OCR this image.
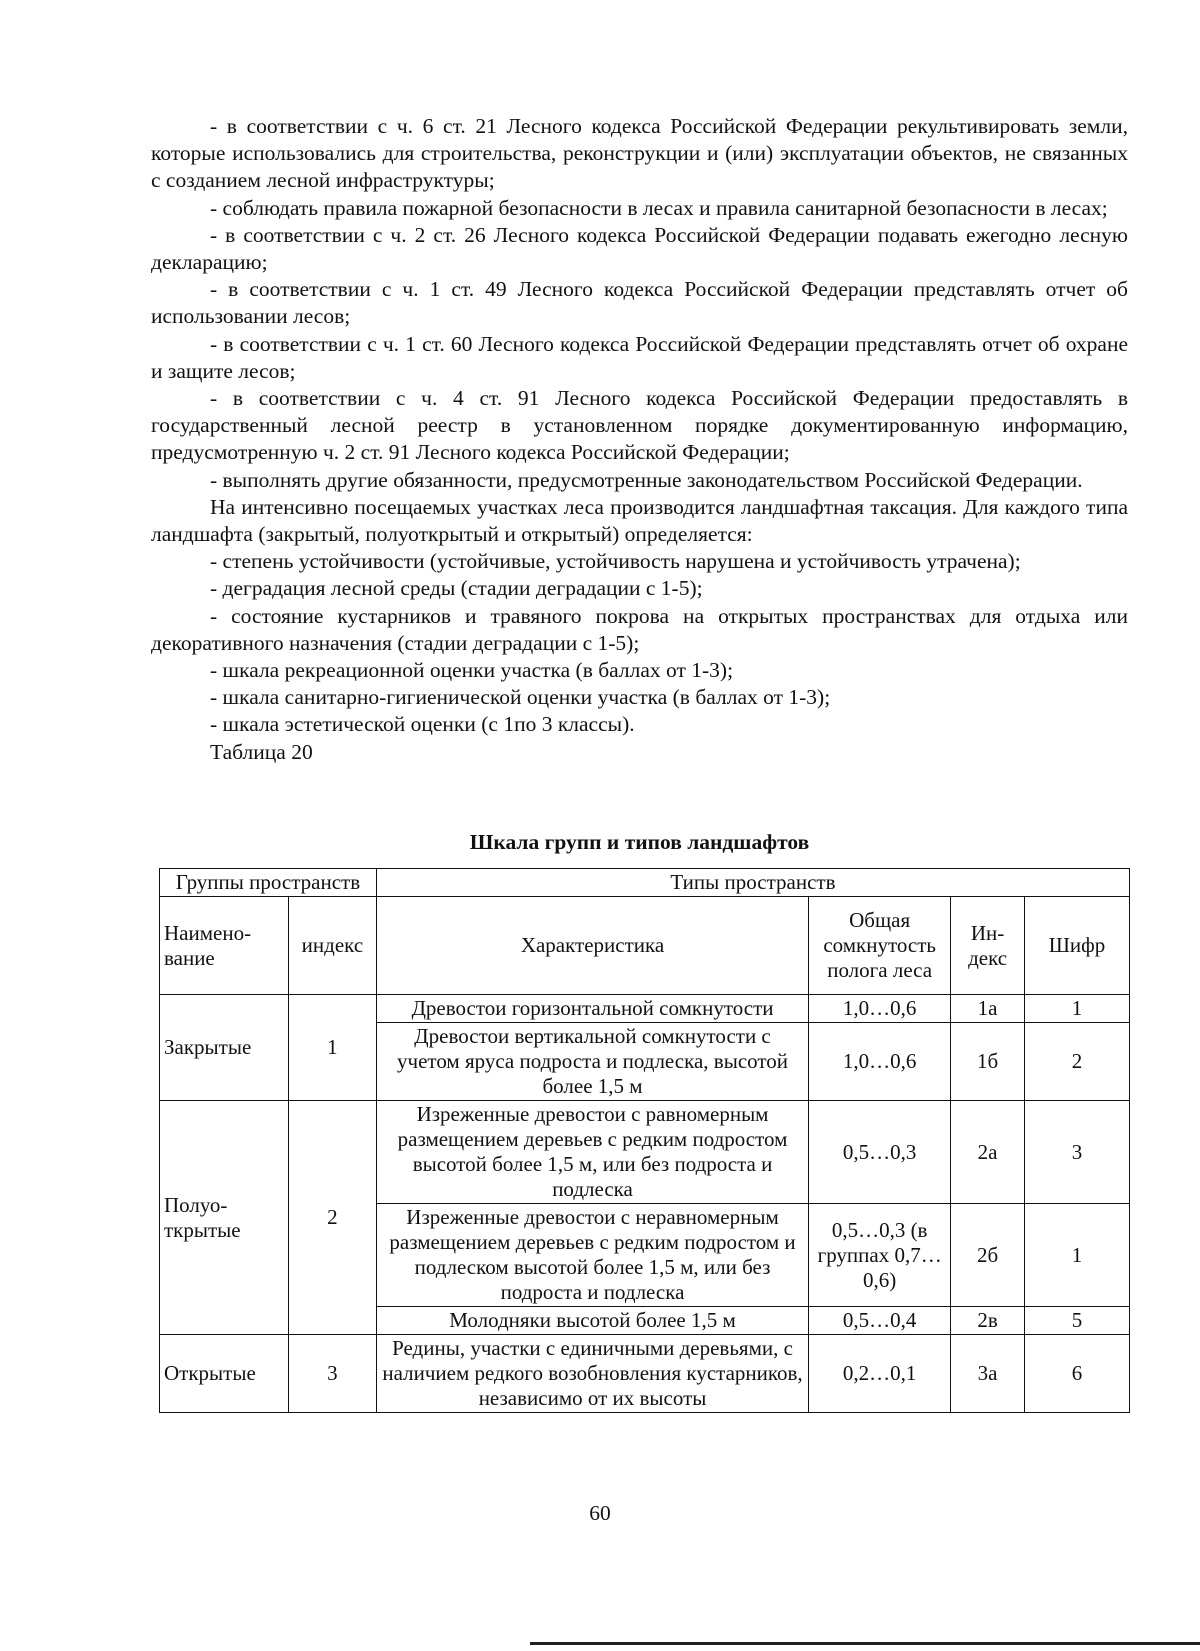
- в соответствии с ч. 6 ст. 21 Лесного кодекса Российской Федерации рекультивировать земли, которые использовались для строительства, реконструкции и (или) эксплуатации объектов, не связанных с созданием лесной инфраструктуры;

- соблюдать правила пожарной безопасности в лесах и правила санитарной безопасности в лесах;

- в соответствии с ч. 2 ст. 26 Лесного кодекса Российской Федерации подавать ежегодно лесную декларацию;

- в соответствии с ч. 1 ст. 49 Лесного кодекса Российской Федерации представлять отчет об использовании лесов;

- в соответствии с ч. 1 ст. 60 Лесного кодекса Российской Федерации представлять отчет об охране и защите лесов;

- в соответствии с ч. 4 ст. 91 Лесного кодекса Российской Федерации предоставлять в государственный лесной реестр в установленном порядке документированную информацию, предусмотренную ч. 2 ст. 91 Лесного кодекса Российской Федерации;

- выполнять другие обязанности, предусмотренные законодательством Российской Федерации.

На интенсивно посещаемых участках леса производится ландшафтная таксация. Для каждого типа ландшафта (закрытый, полуоткрытый и открытый) определяется:

- степень устойчивости (устойчивые, устойчивость нарушена и устойчивость утрачена);

- деградация лесной среды (стадии деградации с 1-5);

- состояние кустарников и травяного покрова на открытых пространствах для отдыха или декоративного назначения (стадии деградации с 1-5);

- шкала рекреационной оценки участка (в баллах от 1-3);

- шкала санитарно-гигиенической оценки участка (в баллах от 1-3);

- шкала эстетической оценки (с 1по 3 классы).

Таблица 20
Шкала групп и типов ландшафтов
Группы пространств		Типы пространств			
Наимено-вание	индекс	Характеристика	Общая сомкнутость полога леса	Ин-декс	Шифр
Закрытые	1	Древостои горизонтальной сомкнутости	1,0…0,6	1а	1
		Древостои вертикальной сомкнутости с учетом яруса подроста и подлеска, высотой более 1,5 м	1,0…0,6	1б	2
Полуо-ткрытые	2	Изреженные древостои с равномерным размещением деревьев с редким подростом высотой более 1,5 м, или без подроста и подлеска	0,5…0,3	2а	3
		Изреженные древостои с неравномерным размещением деревьев с редким подростом и подлеском высотой более 1,5 м, или без подроста и подлеска	0,5…0,3 (в группах 0,7…0,6)	2б	1
		Молодняки высотой более 1,5 м	0,5…0,4	2в	5
Открытые	3	Редины, участки с единичными деревьями, с наличием редкого возобновления кустарников, независимо от их высоты	0,2…0,1	3а	6
60
